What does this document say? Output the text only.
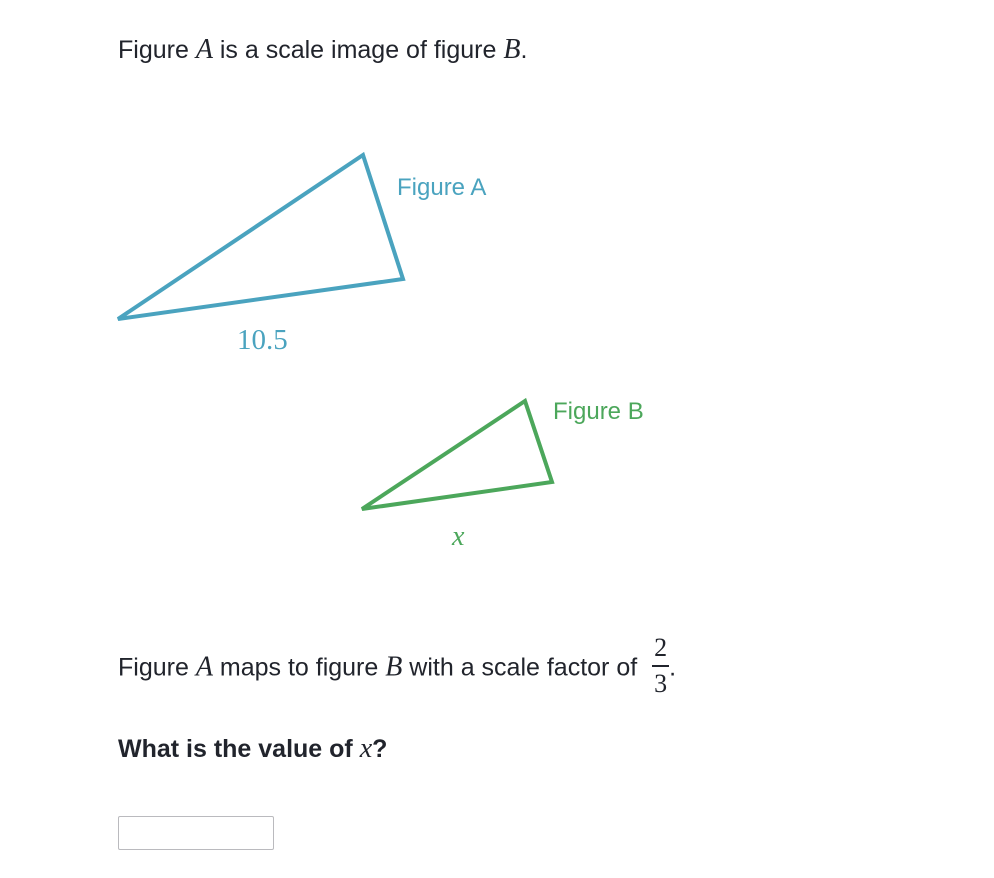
Figure A is a scale image of figure B.
Figure A
10.5
Figure B
x
Figure A maps to figure B with a scale factor of $\frac{2}{3}$ .
What is the value of x?
